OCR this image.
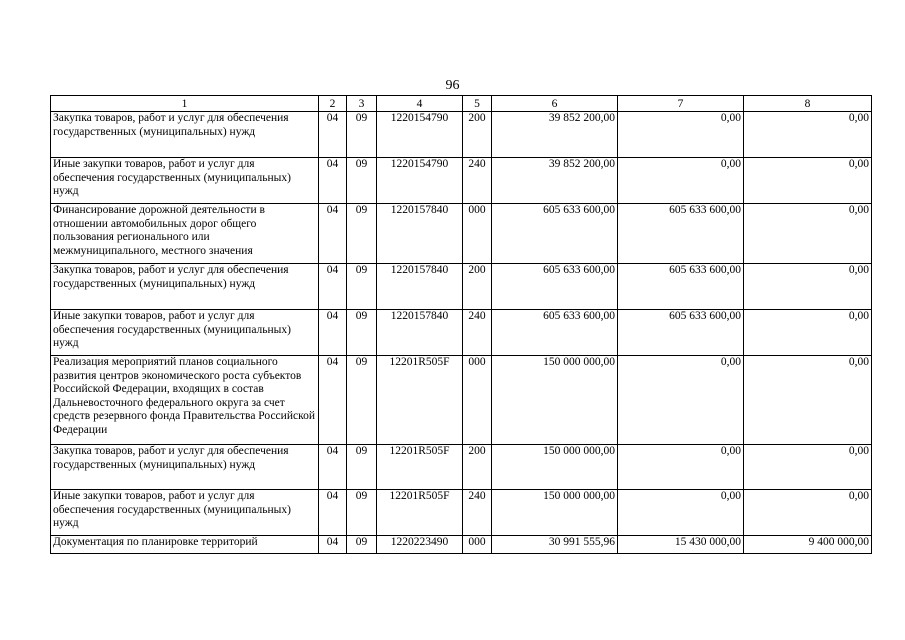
96
1	2	3	4	5	6	7	8
Закупка товаров, работ и услуг для обеспечения государственных (муниципальных) нужд	04	09	1220154790	200	39 852 200,00	0,00	0,00
Иные закупки товаров, работ и услуг для обеспечения государственных (муниципальных) нужд	04	09	1220154790	240	39 852 200,00	0,00	0,00
Финансирование дорожной деятельности в отношении автомобильных дорог общего пользования регионального или межмуниципального, местного значения	04	09	1220157840	000	605 633 600,00	605 633 600,00	0,00
Закупка товаров, работ и услуг для обеспечения государственных (муниципальных) нужд	04	09	1220157840	200	605 633 600,00	605 633 600,00	0,00
Иные закупки товаров, работ и услуг для обеспечения государственных (муниципальных) нужд	04	09	1220157840	240	605 633 600,00	605 633 600,00	0,00
Реализация мероприятий планов социального развития центров экономического роста субъектов Российской Федерации, входящих в состав Дальневосточного федерального округа за счет средств резервного фонда Правительства Российской Федерации	04	09	12201R505F	000	150 000 000,00	0,00	0,00
Закупка товаров, работ и услуг для обеспечения государственных (муниципальных) нужд	04	09	12201R505F	200	150 000 000,00	0,00	0,00
Иные закупки товаров, работ и услуг для обеспечения государственных (муниципальных) нужд	04	09	12201R505F	240	150 000 000,00	0,00	0,00
Документация по планировке территорий	04	09	1220223490	000	30 991 555,96	15 430 000,00	9 400 000,00
